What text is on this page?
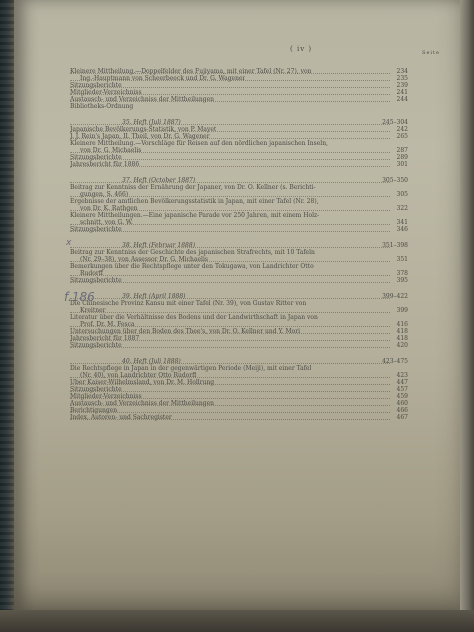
( iv )	Seite
Kleinere Mittheilung.—Doppelfelder des Fujiyama, mit einer Tafel (Nr. 27), von	234
Ing.-Hauptmann von Scheerbeeck und Dr. G. Wagener	235
Sitzungsberichte	239
Mitglieder-Verzeichniss	241
Austausch- und Verzeichniss der Mittheilungen	244
Bibliotheks-Ordnung
35. Heft (Juli 1887)	245–304
Japanische Bevölkerungs-Statistik, von P. Mayet	242
J. J. Rein's Japan, II. Theil, von Dr. G. Wagener	265
Kleinere Mittheilung.—Vorschläge für Reisen auf den nördlichen japanischen Inseln,
von Dr. G. Michaelis	287
Sitzungsberichte	289
Jahresbericht für 1886	301
37. Heft (October 1887)	305–350
Beitrag zur Kenntniss der Ernährung der Japaner, von Dr. O. Kellner (s. Berichti-
gungen, S. 466)	305
Ergebnisse der amtlichen Bevölkerungsstatistik in Japan, mit einer Tafel (Nr. 28),
von Dr. K. Rathgen	322
Kleinere Mittheilungen.—Eine japanische Parade vor 250 Jahren, mit einem Holz-
schnitt, von G. W.	341
Sitzungsberichte	346
38. Heft (Februar 1888)	351–398
Beitrag zur Kenntniss der Geschichte des japanischen Strafrechts, mit 10 Tafeln
(Nr. 29–38), von Assessor Dr. G. Michaelis	351
Bemerkungen über die Rechtspflege unter den Tokugawa, von Landrichter Otto
Rudorff	378
Sitzungsberichte	395
39. Heft (April 1888)	399–422
Die Chinesische Provinz Kansu mit einer Tafel (Nr. 39), von Gustav Ritter von
Kreitner	399
Literatur über die Verhältnisse des Bodens und der Landwirthschaft in Japan von
Prof. Dr. M. Fesca	416
Untersuchungen über den Boden des Thee's, von Dr. O. Kellner und Y. Mori	418
Jahresbericht für 1887	418
Sitzungsberichte	420
40. Heft (Juli 1888)	423–475
Die Rechtspflege in Japan in der gegenwärtigen Periode (Meiji), mit einer Tafel
(Nr. 40), von Landrichter Otto Rudorff	423
Über Kaiser-Wilhelmsland, von Dr. M. Hollrung	447
Sitzungsberichte	457
Mitglieder-Verzeichniss	459
Austausch- und Verzeichniss der Mittheilungen	460
Berichtigungen	466
Index, Autoren- und Sachregister	467
x
f.186
